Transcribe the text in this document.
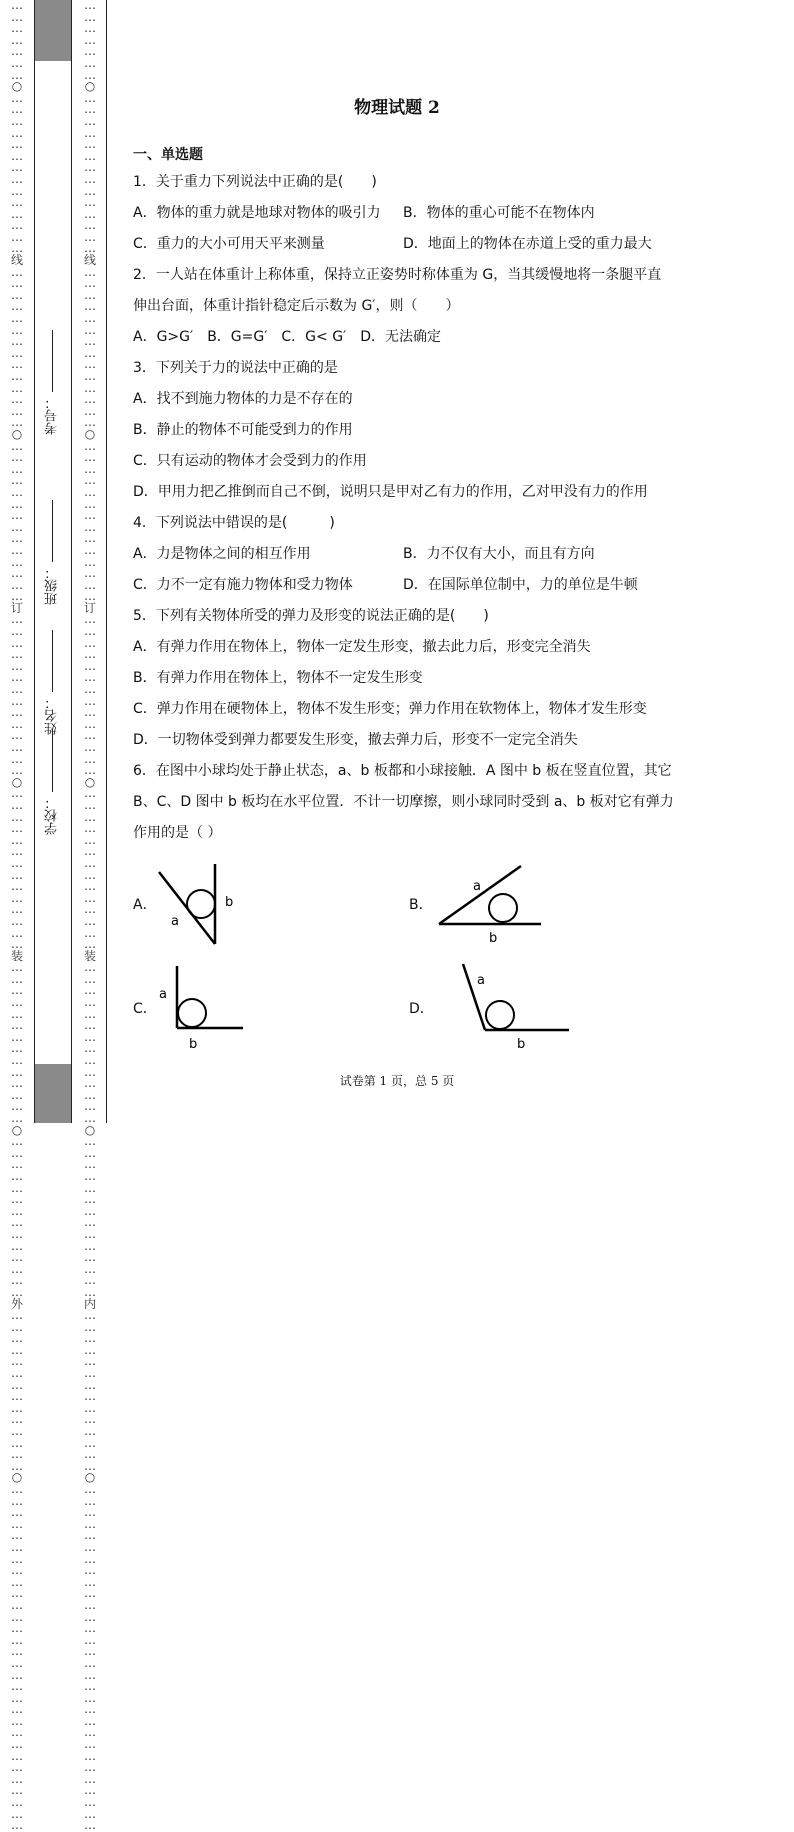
…
…
…
…
…
…
…
○
…
…
…
…
…
…
…
…
…
…
…
…
…
…
线
…
…
…
…
…
…
…
…
…
…
…
…
…
…
○
…
…
…
…
…
…
…
…
…
…
…
…
…
…
订
…
…
…
…
…
…
…
…
…
…
…
…
…
…
○
…
…
…
…
…
…
…
…
…
…
…
…
…
…
装
…
…
…
…
…
…
…
…
…
…
…
…
…
…
○
…
…
…
…
…
…
…
…
…
…
…
…
…
…
外
…
…
…
…
…
…
…
…
…
…
…
…
…
…
○
…
…
…
…
…
…
…
…
…
…
…
…
…
…
…
…
…
…
…
…
…
…
…
…
…
…
…
…
…
…

…
…
…
…
…
…
…
○
…
…
…
…
…
…
…
…
…
…
…
…
…
…
线
…
…
…
…
…
…
…
…
…
…
…
…
…
…
○
…
…
…
…
…
…
…
…
…
…
…
…
…
…
订
…
…
…
…
…
…
…
…
…
…
…
…
…
…
○
…
…
…
…
…
…
…
…
…
…
…
…
…
…
装
…
…
…
…
…
…
…
…
…
…
…
…
…
…
○
…
…
…
…
…
…
…
…
…
…
…
…
…
…
内
…
…
…
…
…
…
…
…
…
…
…
…
…
…
○
…
…
…
…
…
…
…
…
…
…
…
…
…
…
…
…
…
…
…
…
…
…
…
…
…
…
…
…
…
…

考号：
班级：
姓名：
学校：
物理试题 2

一、单选题

1．关于重力下列说法中正确的是(　　)

A．物体的重力就是地球对物体的吸引力	B．物体的重心可能不在物体内
C．重力的大小可用天平来测量	D．地面上的物体在赤道上受的重力最大

2．一人站在体重计上称体重，保持立正姿势时称体重为 G，当其缓慢地将一条腿平直

伸出台面，体重计指针稳定后示数为 G′，则（　　）

A．G>G′ B．G=G′ C．G< G′ D．无法确定

3．下列关于力的说法中正确的是

A．找不到施力物体的力是不存在的

B．静止的物体不可能受到力的作用

C．只有运动的物体才会受到力的作用

D．甲用力把乙推倒而自己不倒，说明只是甲对乙有力的作用，乙对甲没有力的作用

4．下列说法中错误的是(　　　)

A．力是物体之间的相互作用	B．力不仅有大小，而且有方向
C．力不一定有施力物体和受力物体	D．在国际单位制中，力的单位是牛顿

5．下列有关物体所受的弹力及形变的说法正确的是(　　)

A．有弹力作用在物体上，物体一定发生形变，撤去此力后，形变完全消失

B．有弹力作用在物体上，物体不一定发生形变

C．弹力作用在硬物体上，物体不发生形变；弹力作用在软物体上，物体才发生形变

D．一切物体受到弹力都要发生形变，撤去弹力后，形变不一定完全消失

6．在图中小球均处于静止状态，a、b 板都和小球接触．A 图中 b 板在竖直位置，其它

B、C、D 图中 b 板均在水平位置．不计一切摩擦，则小球同时受到 a、b 板对它有弹力

作用的是（ ）

A．
a
b	B．
a
b
C．
a
b
D．
a
b
试卷第 1 页，总 5 页
